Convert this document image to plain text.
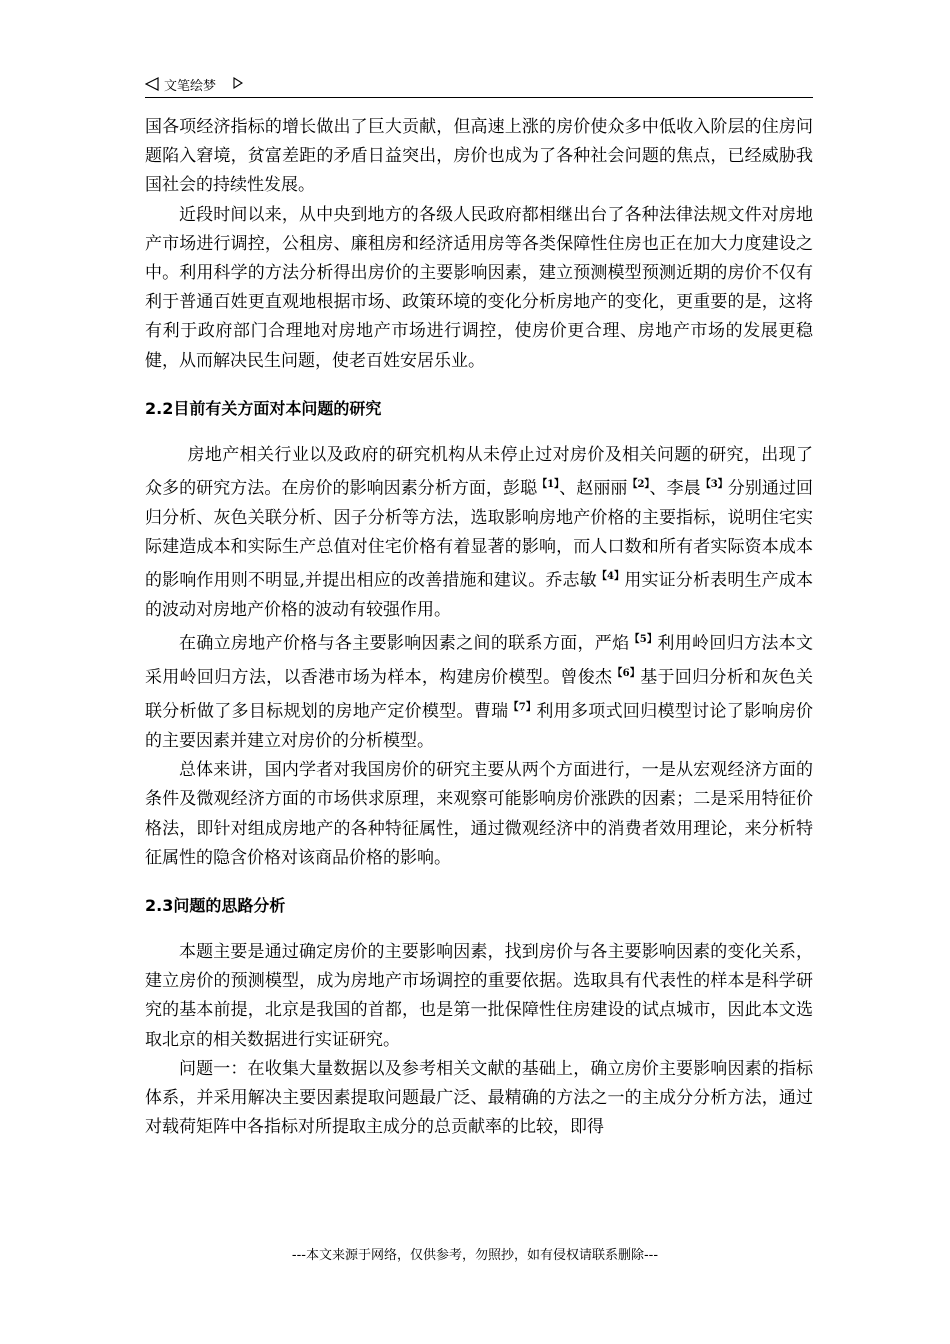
文笔绘梦

国各项经济指标的增长做出了巨大贡献，但高速上涨的房价使众多中低收入阶层的住房问题陷入窘境，贫富差距的矛盾日益突出，房价也成为了各种社会问题的焦点，已经威胁我国社会的持续性发展。

近段时间以来，从中央到地方的各级人民政府都相继出台了各种法律法规文件对房地产市场进行调控，公租房、廉租房和经济适用房等各类保障性住房也正在加大力度建设之中。利用科学的方法分析得出房价的主要影响因素，建立预测模型预测近期的房价不仅有利于普通百姓更直观地根据市场、政策环境的变化分析房地产的变化，更重要的是，这将有利于政府部门合理地对房地产市场进行调控，使房价更合理、房地产市场的发展更稳健，从而解决民生问题，使老百姓安居乐业。

2.2目前有关方面对本问题的研究

房地产相关行业以及政府的研究机构从未停止过对房价及相关问题的研究，出现了众多的研究方法。在房价的影响因素分析方面，彭聪$^{【1】}$、赵丽丽$^{【2】}$、李晨$^{【3】}$分别通过回归分析、灰色关联分析、因子分析等方法，选取影响房地产价格的主要指标，说明住宅实际建造成本和实际生产总值对住宅价格有着显著的影响，而人口数和所有者实际资本成本的影响作用则不明显,并提出相应的改善措施和建议。乔志敏$^{【4】}$用实证分析表明生产成本的波动对房地产价格的波动有较强作用。

在确立房地产价格与各主要影响因素之间的联系方面，严焰$^{【5】}$利用岭回归方法本文采用岭回归方法，以香港市场为样本，构建房价模型。曾俊杰$^{【6】}$基于回归分析和灰色关联分析做了多目标规划的房地产定价模型。曹瑞$^{【7】}$利用多项式回归模型讨论了影响房价的主要因素并建立对房价的分析模型。

总体来讲，国内学者对我国房价的研究主要从两个方面进行，一是从宏观经济方面的条件及微观经济方面的市场供求原理，来观察可能影响房价涨跌的因素；二是采用特征价格法，即针对组成房地产的各种特征属性，通过微观经济中的消费者效用理论，来分析特征属性的隐含价格对该商品价格的影响。

2.3问题的思路分析

本题主要是通过确定房价的主要影响因素，找到房价与各主要影响因素的变化关系，建立房价的预测模型，成为房地产市场调控的重要依据。选取具有代表性的样本是科学研究的基本前提，北京是我国的首都，也是第一批保障性住房建设的试点城市，因此本文选取北京的相关数据进行实证研究。

问题一：在收集大量数据以及参考相关文献的基础上，确立房价主要影响因素的指标体系，并采用解决主要因素提取问题最广泛、最精确的方法之一的主成分分析方法，通过对载荷矩阵中各指标对所提取主成分的总贡献率的比较，即得

---本文来源于网络，仅供参考，勿照抄，如有侵权请联系删除---
